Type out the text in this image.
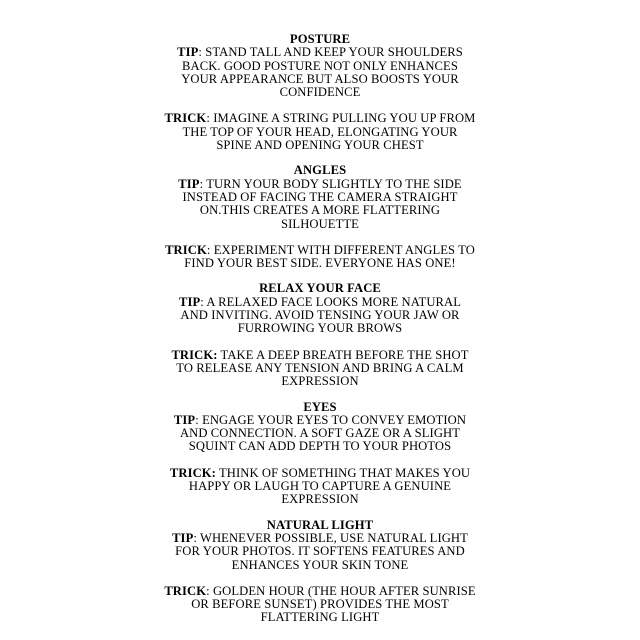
POSTURE
TIP: STAND TALL AND KEEP YOUR SHOULDERS
BACK. GOOD POSTURE NOT ONLY ENHANCES
YOUR APPEARANCE BUT ALSO BOOSTS YOUR
CONFIDENCE
TRICK: IMAGINE A STRING PULLING YOU UP FROM
THE TOP OF YOUR HEAD, ELONGATING YOUR
SPINE AND OPENING YOUR CHEST
ANGLES
TIP: TURN YOUR BODY SLIGHTLY TO THE SIDE
INSTEAD OF FACING THE CAMERA STRAIGHT
ON.THIS CREATES A MORE FLATTERING
SILHOUETTE
TRICK: EXPERIMENT WITH DIFFERENT ANGLES TO
FIND YOUR BEST SIDE. EVERYONE HAS ONE!
RELAX YOUR FACE
TIP: A RELAXED FACE LOOKS MORE NATURAL
AND INVITING. AVOID TENSING YOUR JAW OR
FURROWING YOUR BROWS
TRICK: TAKE A DEEP BREATH BEFORE THE SHOT
TO RELEASE ANY TENSION AND BRING A CALM
EXPRESSION
EYES
TIP: ENGAGE YOUR EYES TO CONVEY EMOTION
AND CONNECTION. A SOFT GAZE OR A SLIGHT
SQUINT CAN ADD DEPTH TO YOUR PHOTOS
TRICK: THINK OF SOMETHING THAT MAKES YOU
HAPPY OR LAUGH TO CAPTURE A GENUINE
EXPRESSION
NATURAL LIGHT
TIP: WHENEVER POSSIBLE, USE NATURAL LIGHT
FOR YOUR PHOTOS. IT SOFTENS FEATURES AND
ENHANCES YOUR SKIN TONE
TRICK: GOLDEN HOUR (THE HOUR AFTER SUNRISE
OR BEFORE SUNSET) PROVIDES THE MOST
FLATTERING LIGHT
